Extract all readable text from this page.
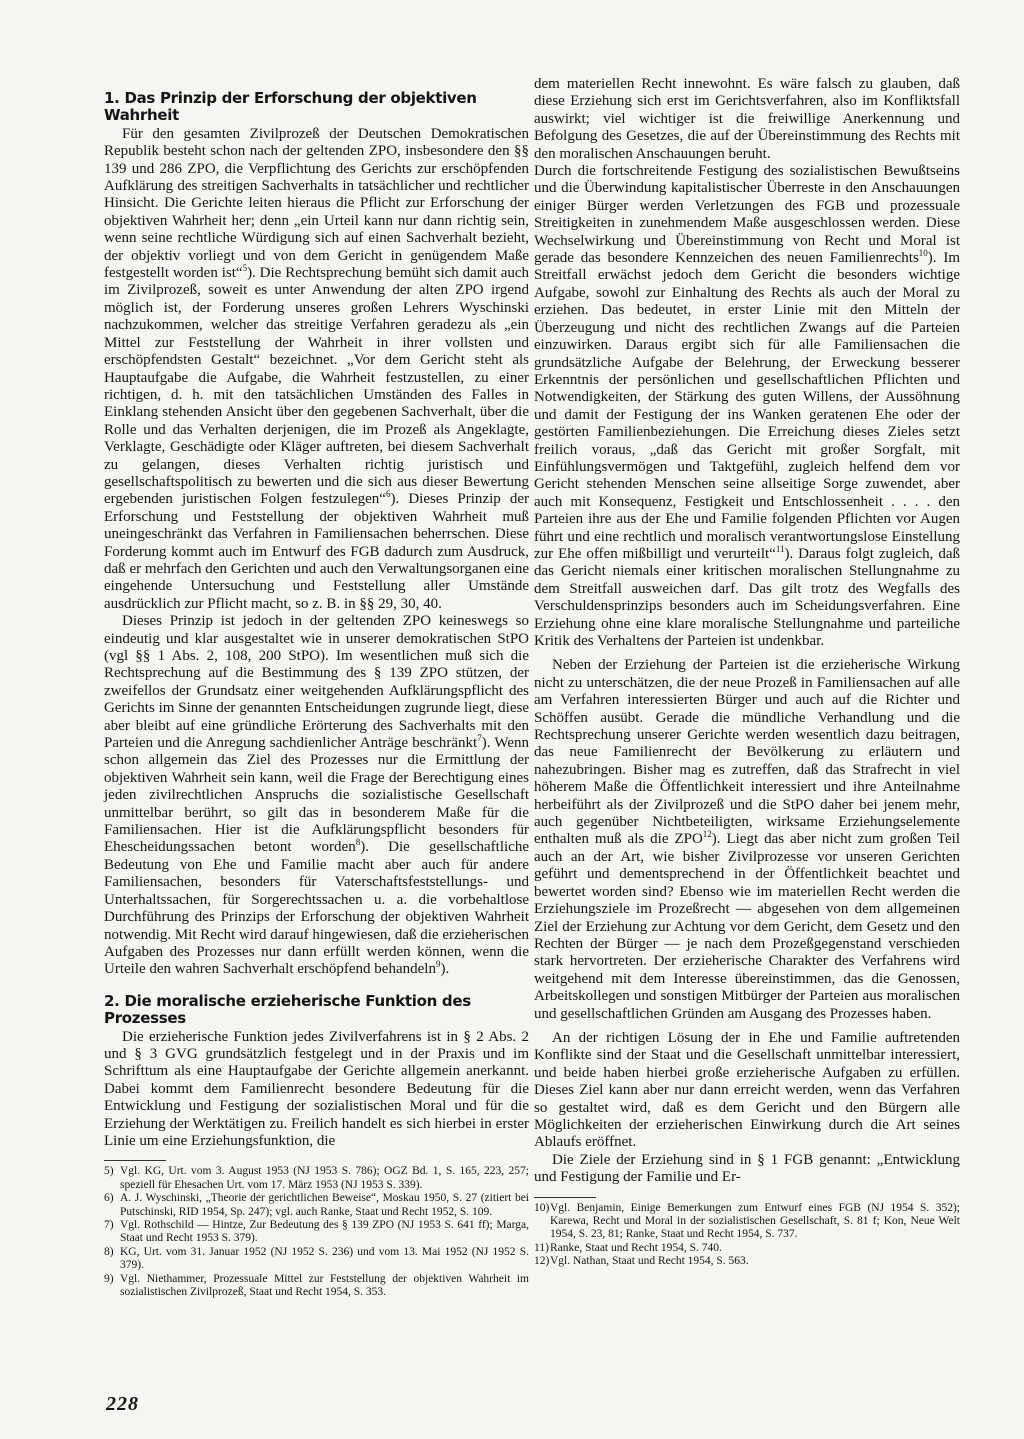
1. Das Prinzip der Erforschung der objektiven Wahrheit

Für den gesamten Zivilprozeß der Deutschen Demokratischen Republik besteht schon nach der geltenden ZPO, insbesondere den §§ 139 und 286 ZPO, die Verpflichtung des Gerichts zur erschöpfenden Aufklärung des streitigen Sachverhalts in tatsächlicher und rechtlicher Hinsicht. Die Gerichte leiten hieraus die Pflicht zur Erforschung der objektiven Wahrheit her; denn „ein Urteil kann nur dann richtig sein, wenn seine rechtliche Würdigung sich auf einen Sachverhalt bezieht, der objektiv vorliegt und von dem Gericht in genügendem Maße festgestellt worden ist“$^5$). Die Rechtsprechung bemüht sich damit auch im Zivilprozeß, soweit es unter Anwendung der alten ZPO irgend möglich ist, der Forderung unseres großen Lehrers Wyschinski nachzukommen, welcher das streitige Verfahren geradezu als „ein Mittel zur Feststellung der Wahrheit in ihrer vollsten und erschöpfendsten Gestalt“ bezeichnet. „Vor dem Gericht steht als Hauptaufgabe die Aufgabe, die Wahrheit festzustellen, zu einer richtigen, d. h. mit den tatsächlichen Umständen des Falles in Einklang stehenden Ansicht über den gegebenen Sachverhalt, über die Rolle und das Verhalten derjenigen, die im Prozeß als Angeklagte, Verklagte, Geschädigte oder Kläger auftreten, bei diesem Sachverhalt zu gelangen, dieses Verhalten richtig juristisch und gesellschaftspolitisch zu bewerten und die sich aus dieser Bewertung ergebenden juristischen Folgen festzulegen“$^6$). Dieses Prinzip der Erforschung und Feststellung der objektiven Wahrheit muß uneingeschränkt das Verfahren in Familiensachen beherrschen. Diese Forderung kommt auch im Entwurf des FGB dadurch zum Ausdruck, daß er mehrfach den Gerichten und auch den Verwaltungsorganen eine eingehende Untersuchung und Feststellung aller Umstände ausdrücklich zur Pflicht macht, so z. B. in §§ 29, 30, 40.

Dieses Prinzip ist jedoch in der geltenden ZPO keineswegs so eindeutig und klar ausgestaltet wie in unserer demokratischen StPO (vgl §§ 1 Abs. 2, 108, 200 StPO). Im wesentlichen muß sich die Rechtsprechung auf die Bestimmung des § 139 ZPO stützen, der zweifellos der Grundsatz einer weitgehenden Aufklärungspflicht des Gerichts im Sinne der genannten Entscheidungen zugrunde liegt, diese aber bleibt auf eine gründliche Erörterung des Sachverhalts mit den Parteien und die Anregung sachdienlicher Anträge beschränkt$^7$). Wenn schon allgemein das Ziel des Prozesses nur die Ermittlung der objektiven Wahrheit sein kann, weil die Frage der Berechtigung eines jeden zivilrechtlichen Anspruchs die sozialistische Gesellschaft unmittelbar berührt, so gilt das in besonderem Maße für die Familiensachen. Hier ist die Aufklärungspflicht besonders für Ehescheidungssachen betont worden$^8$). Die gesellschaftliche Bedeutung von Ehe und Familie macht aber auch für andere Familiensachen, besonders für Vaterschaftsfeststellungs- und Unterhaltssachen, für Sorgerechtssachen u. a. die vorbehaltlose Durchführung des Prinzips der Erforschung der objektiven Wahrheit notwendig. Mit Recht wird darauf hingewiesen, daß die erzieherischen Aufgaben des Prozesses nur dann erfüllt werden können, wenn die Urteile den wahren Sachverhalt erschöpfend behandeln$^9$).

2. Die moralische erzieherische Funktion des Prozesses

Die erzieherische Funktion jedes Zivilverfahrens ist in § 2 Abs. 2 und § 3 GVG grundsätzlich festgelegt und in der Praxis und im Schrifttum als eine Hauptaufgabe der Gerichte allgemein anerkannt. Dabei kommt dem Familienrecht besondere Bedeutung für die Entwicklung und Festigung der sozialistischen Moral und für die Erziehung der Werktätigen zu. Freilich handelt es sich hierbei in erster Linie um eine Erziehungsfunktion, die

5) Vgl. KG, Urt. vom 3. August 1953 (NJ 1953 S. 786); OGZ Bd. 1, S. 165, 223, 257; speziell für Ehesachen Urt. vom 17. März 1953 (NJ 1953 S. 339).

6) A. J. Wyschinski, „Theorie der gerichtlichen Beweise“, Moskau 1950, S. 27 (zitiert bei Putschinski, RID 1954, Sp. 247); vgl. auch Ranke, Staat und Recht 1952, S. 109.

7) Vgl. Rothschild — Hintze, Zur Bedeutung des § 139 ZPO (NJ 1953 S. 641 ff); Marga, Staat und Recht 1953 S. 379).

8) KG, Urt. vom 31. Januar 1952 (NJ 1952 S. 236) und vom 13. Mai 1952 (NJ 1952 S. 379).

9) Vgl. Niethammer, Prozessuale Mittel zur Feststellung der objektiven Wahrheit im sozialistischen Zivilprozeß, Staat und Recht 1954, S. 353.

dem materiellen Recht innewohnt. Es wäre falsch zu glauben, daß diese Erziehung sich erst im Gerichtsverfahren, also im Konfliktsfall auswirkt; viel wichtiger ist die freiwillige Anerkennung und Befolgung des Gesetzes, die auf der Übereinstimmung des Rechts mit den moralischen Anschauungen beruht.

Durch die fortschreitende Festigung des sozialistischen Bewußtseins und die Überwindung kapitalistischer Überreste in den Anschauungen einiger Bürger werden Verletzungen des FGB und prozessuale Streitigkeiten in zunehmendem Maße ausgeschlossen werden. Diese Wechselwirkung und Übereinstimmung von Recht und Moral ist gerade das besondere Kennzeichen des neuen Familienrechts$^{10}$). Im Streitfall erwächst jedoch dem Gericht die besonders wichtige Aufgabe, sowohl zur Einhaltung des Rechts als auch der Moral zu erziehen. Das bedeutet, in erster Linie mit den Mitteln der Überzeugung und nicht des rechtlichen Zwangs auf die Parteien einzuwirken. Daraus ergibt sich für alle Familiensachen die grundsätzliche Aufgabe der Belehrung, der Erweckung besserer Erkenntnis der persönlichen und gesellschaftlichen Pflichten und Notwendigkeiten, der Stärkung des guten Willens, der Aussöhnung und damit der Festigung der ins Wanken geratenen Ehe oder der gestörten Familienbeziehungen. Die Erreichung dieses Zieles setzt freilich voraus, „daß das Gericht mit großer Sorgfalt, mit Einfühlungsvermögen und Taktgefühl, zugleich helfend dem vor Gericht stehenden Menschen seine allseitige Sorge zuwendet, aber auch mit Konsequenz, Festigkeit und Entschlossenheit . . . . den Parteien ihre aus der Ehe und Familie folgenden Pflichten vor Augen führt und eine rechtlich und moralisch verantwortungslose Einstellung zur Ehe offen mißbilligt und verurteilt“$^{11}$). Daraus folgt zugleich, daß das Gericht niemals einer kritischen moralischen Stellungnahme zu dem Streitfall ausweichen darf. Das gilt trotz des Wegfalls des Verschuldensprinzips besonders auch im Scheidungsverfahren. Eine Erziehung ohne eine klare moralische Stellungnahme und parteiliche Kritik des Verhaltens der Parteien ist undenkbar.

Neben der Erziehung der Parteien ist die erzieherische Wirkung nicht zu unterschätzen, die der neue Prozeß in Familiensachen auf alle am Verfahren interessierten Bürger und auch auf die Richter und Schöffen ausübt. Gerade die mündliche Verhandlung und die Rechtsprechung unserer Gerichte werden wesentlich dazu beitragen, das neue Familienrecht der Bevölkerung zu erläutern und nahezubringen. Bisher mag es zutreffen, daß das Strafrecht in viel höherem Maße die Öffentlichkeit interessiert und ihre Anteilnahme herbeiführt als der Zivilprozeß und die StPO daher bei jenem mehr, auch gegenüber Nichtbeteiligten, wirksame Erziehungselemente enthalten muß als die ZPO$^{12}$). Liegt das aber nicht zum großen Teil auch an der Art, wie bisher Zivilprozesse vor unseren Gerichten geführt und dementsprechend in der Öffentlichkeit beachtet und bewertet worden sind? Ebenso wie im materiellen Recht werden die Erziehungsziele im Prozeßrecht — abgesehen von dem allgemeinen Ziel der Erziehung zur Achtung vor dem Gericht, dem Gesetz und den Rechten der Bürger — je nach dem Prozeßgegenstand verschieden stark hervortreten. Der erzieherische Charakter des Verfahrens wird weitgehend mit dem Interesse übereinstimmen, das die Genossen, Arbeitskollegen und sonstigen Mitbürger der Parteien aus moralischen und gesellschaftlichen Gründen am Ausgang des Prozesses haben.

An der richtigen Lösung der in Ehe und Familie auftretenden Konflikte sind der Staat und die Gesellschaft unmittelbar interessiert, und beide haben hierbei große erzieherische Aufgaben zu erfüllen. Dieses Ziel kann aber nur dann erreicht werden, wenn das Verfahren so gestaltet wird, daß es dem Gericht und den Bürgern alle Möglichkeiten der erzieherischen Einwirkung durch die Art seines Ablaufs eröffnet.

Die Ziele der Erziehung sind in § 1 FGB genannt: „Entwicklung und Festigung der Familie und Er-

10)Vgl. Benjamin, Einige Bemerkungen zum Entwurf eines FGB (NJ 1954 S. 352); Karewa, Recht und Moral in der sozialistischen Gesellschaft, S. 81 f; Kon, Neue Welt 1954, S. 23, 81; Ranke, Staat und Recht 1954, S. 737.

11)Ranke, Staat und Recht 1954, S. 740.

12)Vgl. Nathan, Staat und Recht 1954, S. 563.

228
